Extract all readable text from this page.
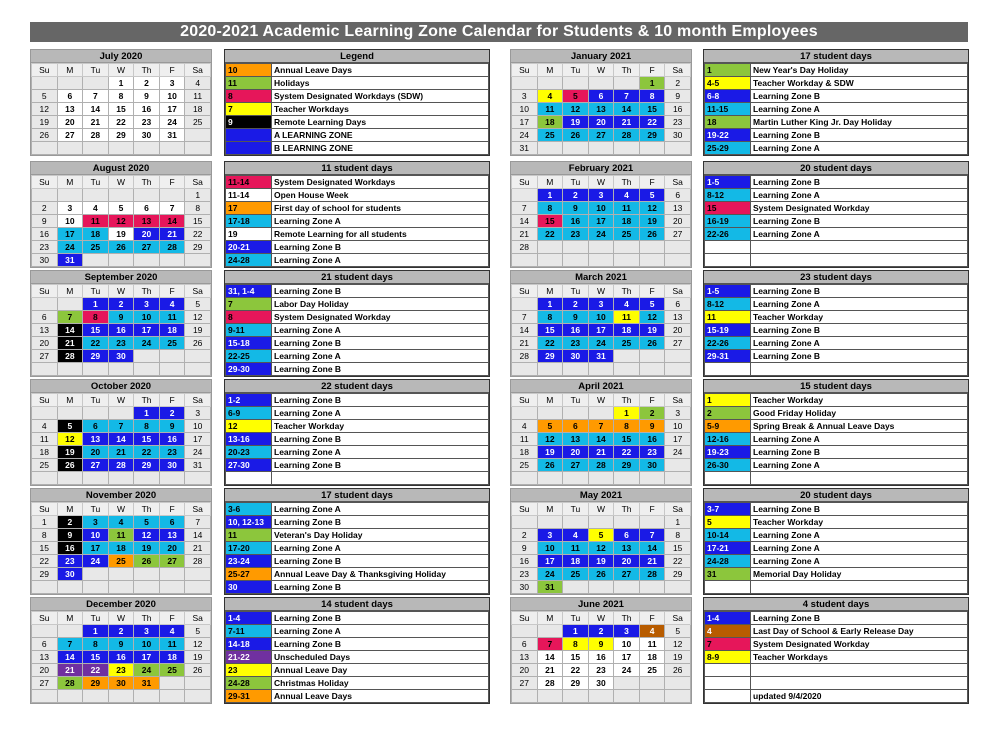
2020-2021 Academic Learning Zone Calendar for Students & 10 month Employees
July 2020
Su	M	Tu	W	Th	F	Sa
			1	2	3	4
5	6	7	8	9	10	11
12	13	14	15	16	17	18
19	20	21	22	23	24	25
26	27	28	29	30	31	

Legend
10	Annual Leave Days
11	Holidays
8	System Designated Workdays (SDW)
7	Teacher Workdays
9	Remote Learning Days
	A LEARNING ZONE
	B LEARNING ZONE
August 2020
Su	M	Tu	W	Th	F	Sa
						1
2	3	4	5	6	7	8
9	10	11	12	13	14	15
16	17	18	19	20	21	22
23	24	25	26	27	28	29
30	31					
11 student days
11-14	System Designated Workdays
11-14	Open House Week
17	First day of school for students
17-18	Learning Zone A
19	Remote Learning for all students
20-21	Learning Zone B
24-28	Learning Zone A
September 2020
Su	M	Tu	W	Th	F	Sa
		1	2	3	4	5
6	7	8	9	10	11	12
13	14	15	16	17	18	19
20	21	22	23	24	25	26
27	28	29	30			

21 student days
31, 1-4	Learning Zone B
7	Labor Day Holiday
8	System Designated Workday
9-11	Learning Zone A
15-18	Learning Zone B
22-25	Learning Zone A
29-30	Learning Zone B
October 2020
Su	M	Tu	W	Th	F	Sa
				1	2	3
4	5	6	7	8	9	10
11	12	13	14	15	16	17
18	19	20	21	22	23	24
25	26	27	28	29	30	31

22 student days
1-2	Learning Zone B
6-9	Learning Zone A
12	Teacher Workday
13-16	Learning Zone B
20-23	Learning Zone A
27-30	Learning Zone B

November 2020
Su	M	Tu	W	Th	F	Sa
1	2	3	4	5	6	7
8	9	10	11	12	13	14
15	16	17	18	19	20	21
22	23	24	25	26	27	28
29	30					

17 student days
3-6	Learning Zone A
10, 12-13	Learning Zone B
11	Veteran's Day Holiday
17-20	Learning Zone A
23-24	Learning Zone B
25-27	Annual Leave Day & Thanksgiving Holiday
30	Learning Zone B
December 2020
Su	M	Tu	W	Th	F	Sa
		1	2	3	4	5
6	7	8	9	10	11	12
13	14	15	16	17	18	19
20	21	22	23	24	25	26
27	28	29	30	31		

14 student days
1-4	Learning Zone B
7-11	Learning Zone A
14-18	Learning Zone B
21-22	Unscheduled Days
23	Annual Leave Day
24-28	Christmas Holiday
29-31	Annual Leave Days
January 2021
Su	M	Tu	W	Th	F	Sa
					1	2
3	4	5	6	7	8	9
10	11	12	13	14	15	16
17	18	19	20	21	22	23
24	25	26	27	28	29	30
31						
17 student days
1	New Year's Day Holiday
4-5	Teacher Workday & SDW
6-8	Learning Zone B
11-15	Learning Zone A
18	Martin Luther King Jr. Day Holiday
19-22	Learning Zone B
25-29	Learning Zone A
February 2021
Su	M	Tu	W	Th	F	Sa
	1	2	3	4	5	6
7	8	9	10	11	12	13
14	15	16	17	18	19	20
21	22	23	24	25	26	27
28						

20 student days
1-5	Learning Zone B
8-12	Learning Zone A
15	System Designated Workday
16-19	Learning Zone B
22-26	Learning Zone A

March 2021
Su	M	Tu	W	Th	F	Sa
	1	2	3	4	5	6
7	8	9	10	11	12	13
14	15	16	17	18	19	20
21	22	23	24	25	26	27
28	29	30	31			

23 student days
1-5	Learning Zone B
8-12	Learning Zone A
11	Teacher Workday
15-19	Learning Zone B
22-26	Learning Zone A
29-31	Learning Zone B

April 2021
Su	M	Tu	W	Th	F	Sa
				1	2	3
4	5	6	7	8	9	10
11	12	13	14	15	16	17
18	19	20	21	22	23	24
25	26	27	28	29	30	

15 student days
1	Teacher Workday
2	Good Friday Holiday
5-9	Spring Break & Annual Leave Days
12-16	Learning Zone A
19-23	Learning Zone B
26-30	Learning Zone A

May 2021
Su	M	Tu	W	Th	F	Sa
						1
2	3	4	5	6	7	8
9	10	11	12	13	14	15
16	17	18	19	20	21	22
23	24	25	26	27	28	29
30	31					
20 student days
3-7	Learning Zone B
5	Teacher Workday
10-14	Learning Zone A
17-21	Learning Zone A
24-28	Learning Zone A
31	Memorial Day Holiday

June 2021
Su	M	Tu	W	Th	F	Sa
		1	2	3	4	5
6	7	8	9	10	11	12
13	14	15	16	17	18	19
20	21	22	23	24	25	26
27	28	29	30			

4 student days
1-4	Learning Zone B
4	Last Day of School & Early Release Day
7	System Designated Workday
8-9	Teacher Workdays

	updated 9/4/2020
